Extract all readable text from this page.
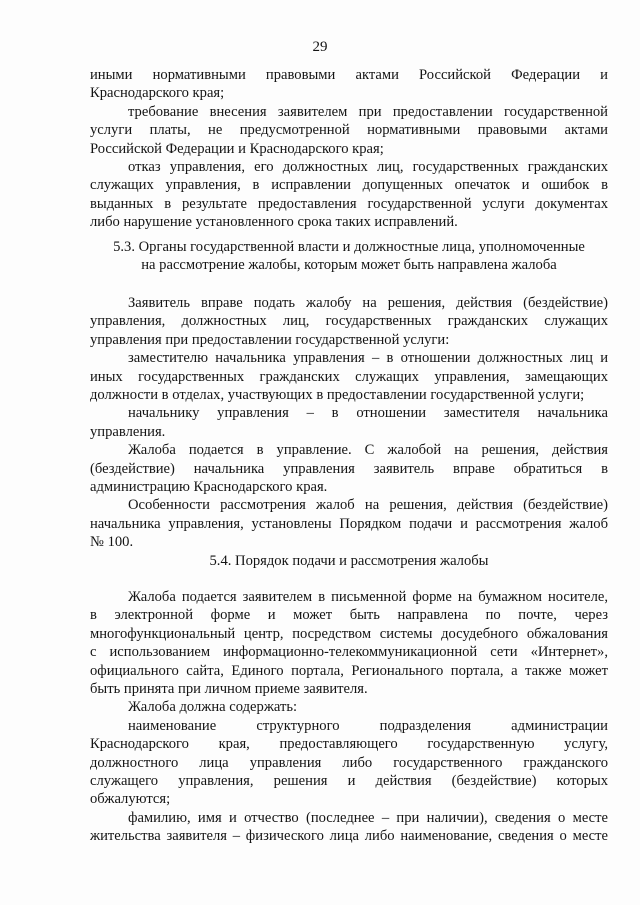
29
иными нормативными правовыми актами Российской Федерации и
Краснодарского края;
требование внесения заявителем при предоставлении государственной
услуги платы, не предусмотренной нормативными правовыми актами
Российской Федерации и Краснодарского края;
отказ управления, его должностных лиц, государственных гражданских
служащих управления, в исправлении допущенных опечаток и ошибок в
выданных в результате предоставления государственной услуги документах
либо нарушение установленного срока таких исправлений.
5.3. Органы государственной власти и должностные лица, уполномоченные
на рассмотрение жалобы, которым может быть направлена жалоба
Заявитель вправе подать жалобу на решения, действия (бездействие)
управления, должностных лиц, государственных гражданских служащих
управления при предоставлении государственной услуги:
заместителю начальника управления – в отношении должностных лиц и
иных государственных гражданских служащих управления, замещающих
должности в отделах, участвующих в предоставлении государственной услуги;
начальнику управления – в отношении заместителя начальника
управления.
Жалоба подается в управление. С жалобой на решения, действия
(бездействие) начальника управления заявитель вправе обратиться в
администрацию Краснодарского края.
Особенности рассмотрения жалоб на решения, действия (бездействие)
начальника управления, установлены Порядком подачи и рассмотрения жалоб
№ 100.
5.4. Порядок подачи и рассмотрения жалобы
Жалоба подается заявителем в письменной форме на бумажном носителе,
в электронной форме и может быть направлена по почте, через
многофункциональный центр, посредством системы досудебного обжалования
с использованием информационно-телекоммуникационной сети «Интернет»,
официального сайта, Единого портала, Регионального портала, а также может
быть принята при личном приеме заявителя.
Жалоба должна содержать:
наименование структурного подразделения администрации
Краснодарского края, предоставляющего государственную услугу,
должностного лица управления либо государственного гражданского
служащего управления, решения и действия (бездействие) которых
обжалуются;
фамилию, имя и отчество (последнее – при наличии), сведения о месте
жительства заявителя – физического лица либо наименование, сведения о месте
